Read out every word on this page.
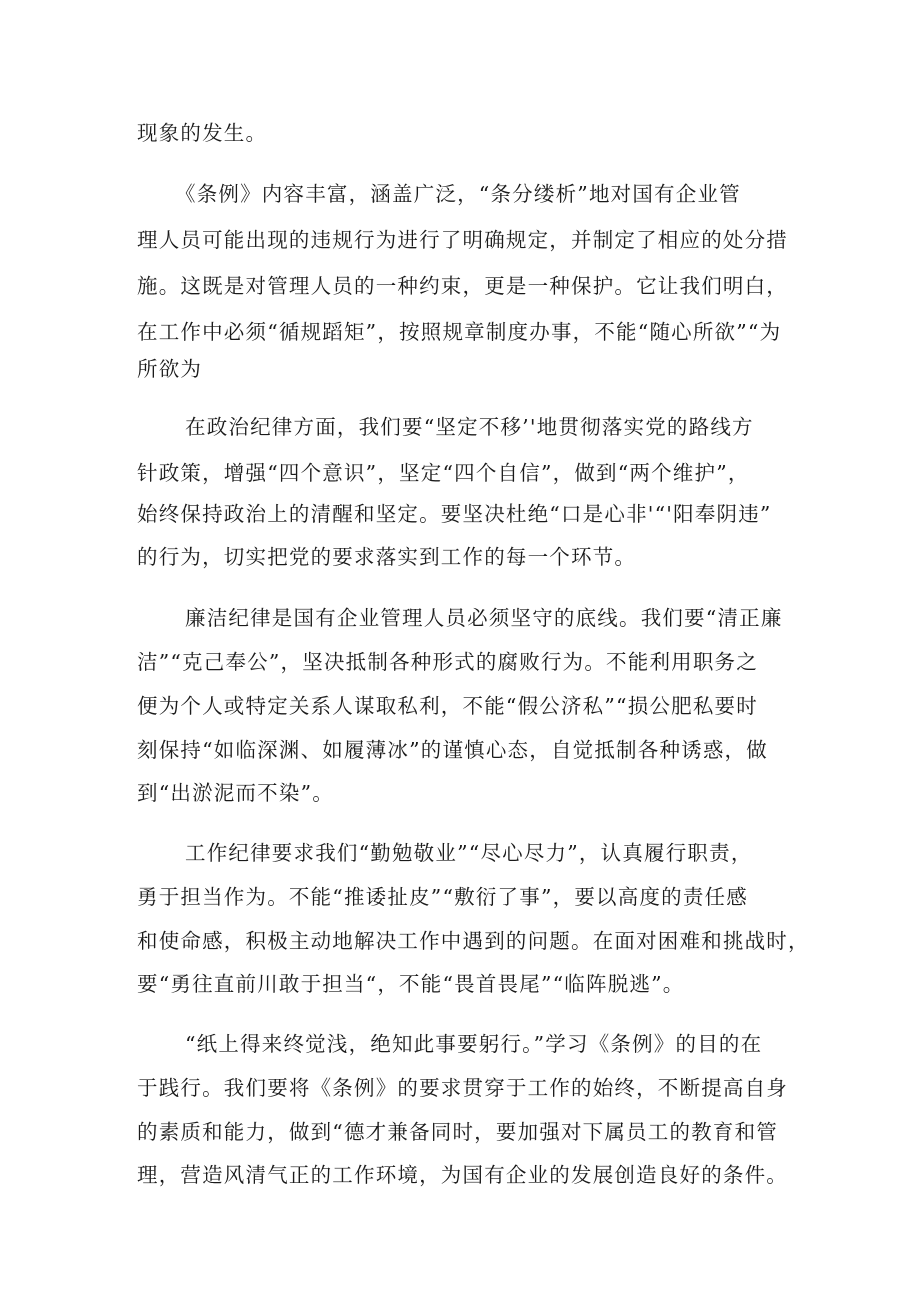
现象的发生。
《条例》内容丰富，涵盖广泛，“条分缕析”地对国有企业管
理人员可能出现的违规行为进行了明确规定，并制定了相应的处分措
施。这既是对管理人员的一种约束，更是一种保护。它让我们明白，
在工作中必须“循规蹈矩”，按照规章制度办事，不能“随心所欲”“为
所欲为
在政治纪律方面，我们要“坚定不移’'地贯彻落实党的路线方
针政策，增强“四个意识”，坚定“四个自信”，做到“两个维护”，
始终保持政治上的清醒和坚定。要坚决杜绝“口是心非'“'阳奉阴违”
的行为，切实把党的要求落实到工作的每一个环节。
廉洁纪律是国有企业管理人员必须坚守的底线。我们要“清正廉
洁”“克己奉公”，坚决抵制各种形式的腐败行为。不能利用职务之
便为个人或特定关系人谋取私利，不能“假公济私”“损公肥私要时
刻保持“如临深渊、如履薄冰”的谨慎心态，自觉抵制各种诱惑，做
到“出淤泥而不染”。
工作纪律要求我们“勤勉敬业”“尽心尽力”，认真履行职责，
勇于担当作为。不能“推诿扯皮”“敷衍了事”，要以高度的责任感
和使命感，积极主动地解决工作中遇到的问题。在面对困难和挑战时，
要“勇往直前川敢于担当“，不能“畏首畏尾”“临阵脱逃”。
“纸上得来终觉浅，绝知此事要躬行。”学习《条例》的目的在
于践行。我们要将《条例》的要求贯穿于工作的始终，不断提高自身
的素质和能力，做到“德才兼备同时，要加强对下属员工的教育和管
理，营造风清气正的工作环境，为国有企业的发展创造良好的条件。
